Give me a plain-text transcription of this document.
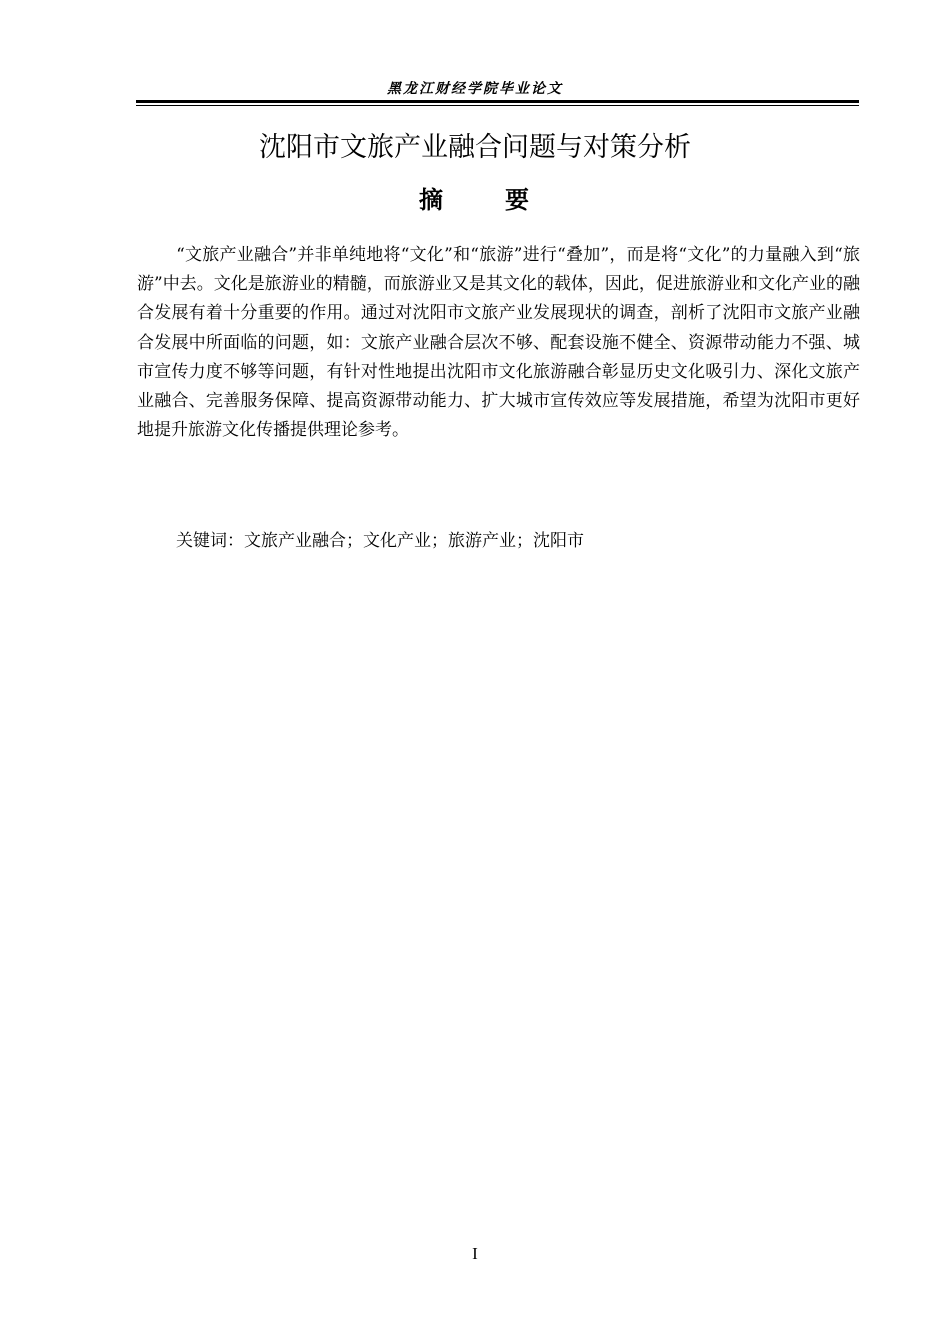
黑龙江财经学院毕业论文
沈阳市文旅产业融合问题与对策分析
摘	要

“文旅产业融合”并非单纯地将“文化”和“旅游”进行“叠加”，而是将“文化”的力量融入到“旅游”中去。文化是旅游业的精髓，而旅游业又是其文化的载体，因此，促进旅游业和文化产业的融合发展有着十分重要的作用。通过对沈阳市文旅产业发展现状的调查，剖析了沈阳市文旅产业融合发展中所面临的问题，如：文旅产业融合层次不够、配套设施不健全、资源带动能力不强、城市宣传力度不够等问题，有针对性地提出沈阳市文化旅游融合彰显历史文化吸引力、深化文旅产业融合、完善服务保障、提高资源带动能力、扩大城市宣传效应等发展措施，希望为沈阳市更好地提升旅游文化传播提供理论参考。

关键词：文旅产业融合；文化产业；旅游产业；沈阳市
I
